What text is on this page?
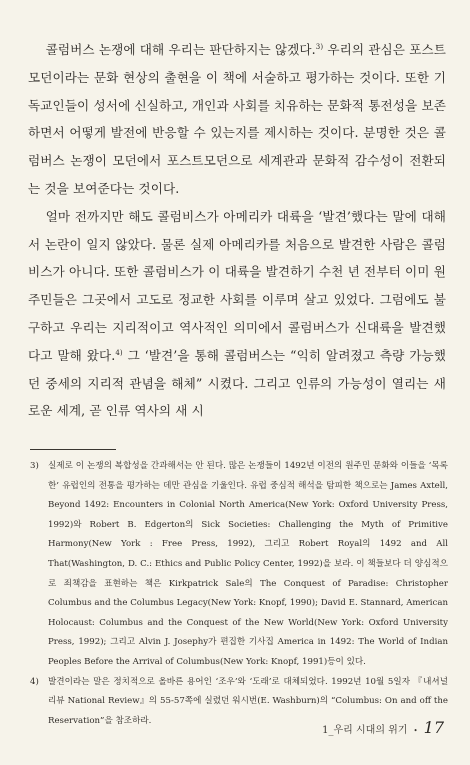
콜럼버스 논쟁에 대해 우리는 판단하지는 않겠다.$^{3)}$ 우리의 관심은 포스트모던이라는 문화 현상의 출현을 이 책에 서술하고 평가하는 것이다. 또한 기독교인들이 성서에 신실하고, 개인과 사회를 치유하는 문화적 통전성을 보존하면서 어떻게 발전에 반응할 수 있는지를 제시하는 것이다. 분명한 것은 콜럼버스 논쟁이 모던에서 포스트모던으로 세계관과 문화적 감수성이 전환되는 것을 보여준다는 것이다.

얼마 전까지만 해도 콜럼비스가 아메리카 대륙을 ‘발견’했다는 말에 대해서 논란이 일지 않았다. 물론 실제 아메리카를 처음으로 발견한 사람은 콜럼비스가 아니다. 또한 콜럼비스가 이 대륙을 발견하기 수천 년 전부터 이미 원주민들은 그곳에서 고도로 정교한 사회를 이루며 살고 있었다. 그럼에도 불구하고 우리는 지리적이고 역사적인 의미에서 콜럼버스가 신대륙을 발견했다고 말해 왔다.$^{4)}$ 그 ‘발견’을 통해 콜럼버스는 “익히 알려졌고 측량 가능했던 중세의 지리적 관념을 해체” 시켰다. 그리고 인류의 가능성이 열리는 새로운 세계, 곧 인류 역사의 새 시

3) 실제로 이 논쟁의 복합성을 간과해서는 안 된다. 많은 논쟁들이 1492년 이전의 원주민 문화와 이들을 ‘목록한’ 유럽인의 전통을 평가하는 데만 관심을 기울인다. 유럽 중심적 해석을 탐피한 책으로는 James Axtell, Beyond 1492: Encounters in Colonial North America(New York: Oxford University Press, 1992)와 Robert B. Edgerton의 Sick Societies: Challenging the Myth of Primitive Harmony(New York : Free Press, 1992), 그리고 Robert Royal의 1492 and All That(Washington, D. C.: Ethics and Public Policy Center, 1992)을 보라. 이 책들보다 더 양심적으로 죄책감을 표현하는 책은 Kirkpatrick Sale의 The Conquest of Paradise: Christopher Columbus and the Columbus Legacy(New York: Knopf, 1990); David E. Stannard, American Holocaust: Columbus and the Conquest of the New World(New York: Oxford University Press, 1992); 그리고 Alvin J. Josephy가 편집한 기사집 America in 1492: The World of Indian Peoples Before the Arrival of Columbus(New York: Knopf, 1991)등이 있다.

4) 발견이라는 말은 정치적으로 올바른 용어인 ‘조우’와 ‘도래’로 대체되었다. 1992년 10월 5일자 『내셔널 리뷰 National Review』의 55-57쪽에 실렸던 워시번(E. Washburn)의 “Columbus: On and off the Reservation”을 참조하라.

1_우리 시대의 위기 • 17
